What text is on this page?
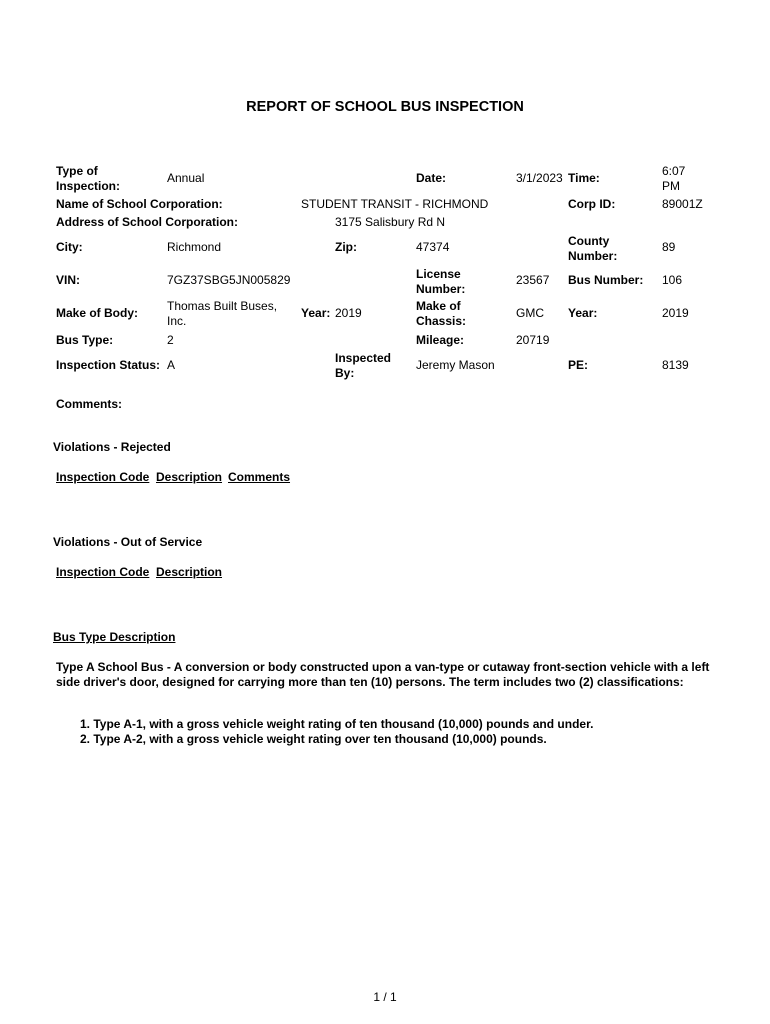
REPORT OF SCHOOL BUS INSPECTION
Type of Inspection:
Annual	Date:	3/1/2023 Time:	6:07 PM
Name of School Corporation:	STUDENT TRANSIT - RICHMOND	Corp ID:	89001Z
Address of School Corporation:	3175 Salisbury Rd N
City:	Richmond	Zip:	47374	County Number:
89
VIN:	7GZ37SBG5JN005829	License Number:
23567 Bus Number: 106
Make of Body: Thomas Built Buses, Inc.
Year: 2019	Make of Chassis:
GMC Year:	2019
Bus Type:	2	Mileage:	20719
Inspection Status: A	Inspected By:
Jeremy Mason	PE:	8139
Comments:
Violations - Rejected
Inspection Code Description Comments
Violations - Out of Service
Inspection Code Description
Bus Type Description
Type A School Bus - A conversion or body constructed upon a van-type or cutaway front-section vehicle with a left side driver's door, designed for carrying more than ten (10) persons. The term includes two (2) classifications:
1. Type A-1, with a gross vehicle weight rating of ten thousand (10,000) pounds and under.
2. Type A-2, with a gross vehicle weight rating over ten thousand (10,000) pounds.
1 / 1
